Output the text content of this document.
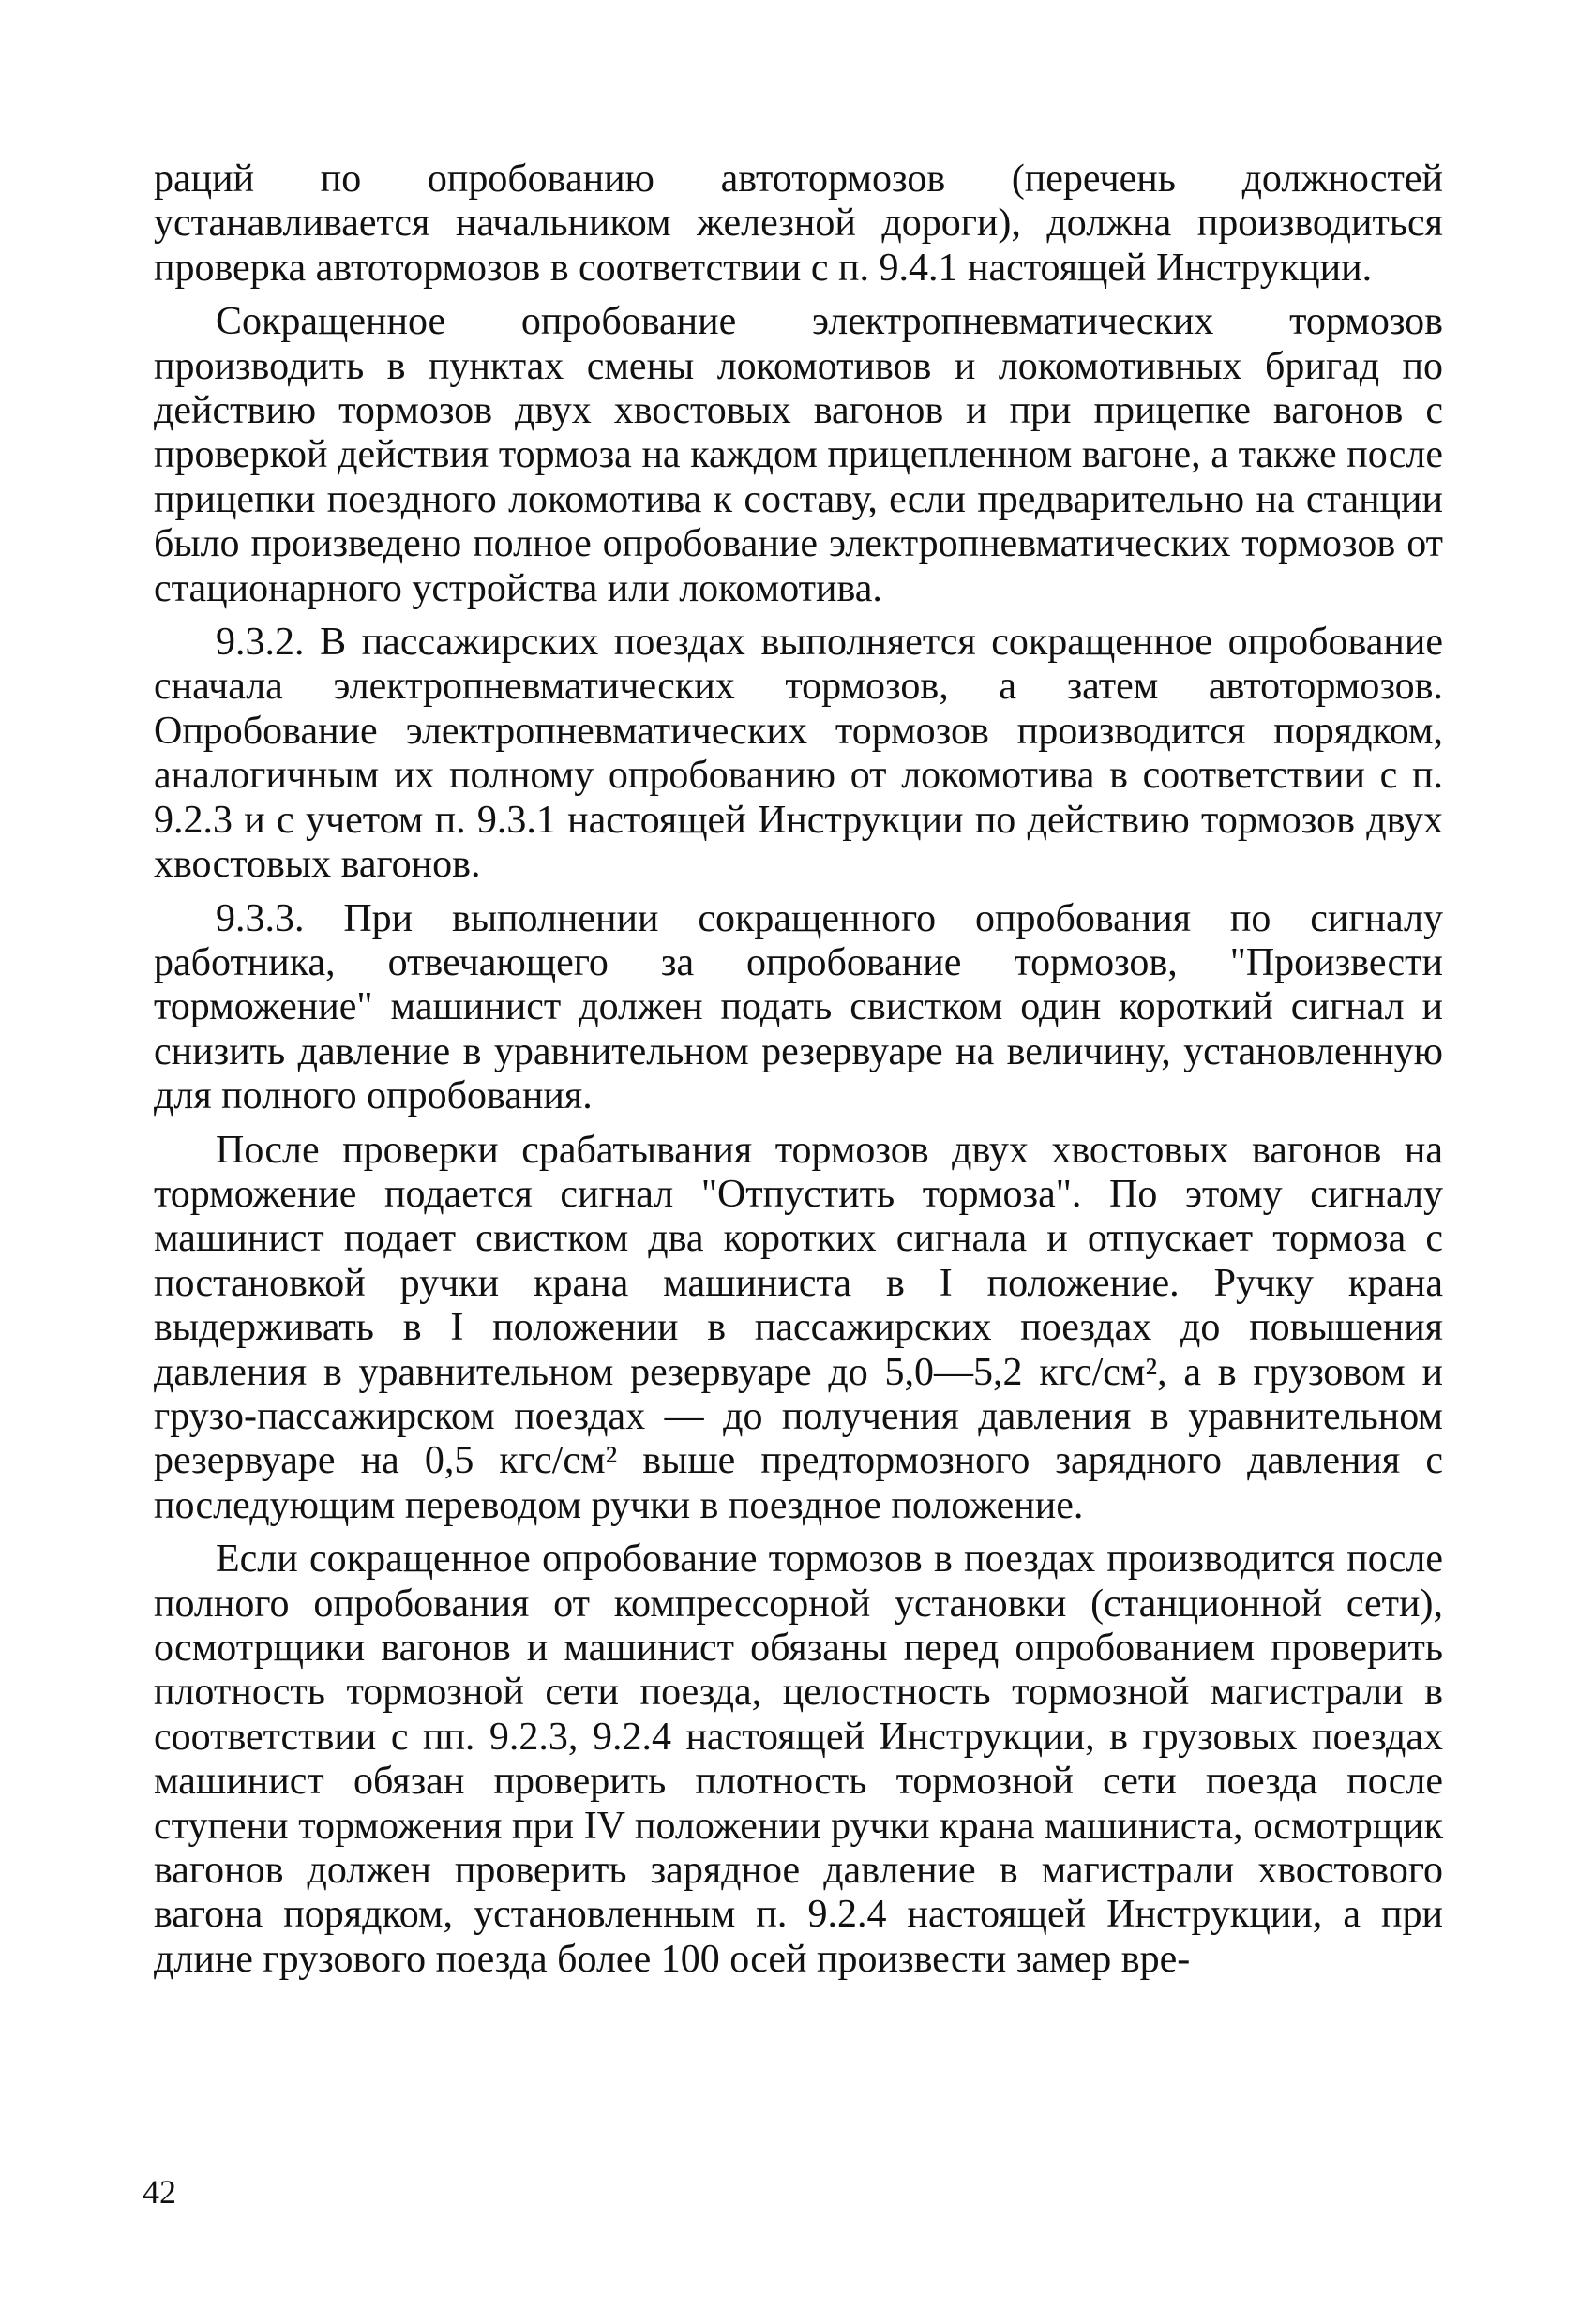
раций по опробованию автотормозов (перечень должностей устанавливается начальником железной дороги), должна производиться проверка автотормозов в соответствии с п. 9.4.1 настоящей Инструкции.

Сокращенное опробование электропневматических тормозов производить в пунктах смены локомотивов и локомотивных бригад по действию тормозов двух хвостовых вагонов и при прицепке вагонов с проверкой действия тормоза на каждом прицепленном вагоне, а также после прицепки поездного локомотива к составу, если предварительно на станции было произведено полное опробование электропневматических тормозов от стационарного устройства или локомотива.

9.3.2. В пассажирских поездах выполняется сокращенное опробование сначала электропневматических тормозов, а затем автотормозов. Опробование электропневматических тормозов производится порядком, аналогичным их полному опробованию от локомотива в соответствии с п. 9.2.3 и с учетом п. 9.3.1 настоящей Инструкции по действию тормозов двух хвостовых вагонов.

9.3.3. При выполнении сокращенного опробования по сигналу работника, отвечающего за опробование тормозов, "Произвести торможение" машинист должен подать свистком один короткий сигнал и снизить давление в уравнительном резервуаре на величину, установленную для полного опробования.

После проверки срабатывания тормозов двух хвостовых вагонов на торможение подается сигнал "Отпустить тормоза". По этому сигналу машинист подает свистком два коротких сигнала и отпускает тормоза с постановкой ручки крана машиниста в I положение. Ручку крана выдерживать в I положении в пассажирских поездах до повышения давления в уравнительном резервуаре до 5,0—5,2 кгс/см², а в грузовом и грузо-пассажирском поездах — до получения давления в уравнительном резервуаре на 0,5 кгс/см² выше предтормозного зарядного давления с последующим переводом ручки в поездное положение.

Если сокращенное опробование тормозов в поездах производится после полного опробования от компрессорной установки (станционной сети), осмотрщики вагонов и машинист обязаны перед опробованием проверить плотность тормозной сети поезда, целостность тормозной магистрали в соответствии с пп. 9.2.3, 9.2.4 настоящей Инструкции, в грузовых поездах машинист обязан проверить плотность тормозной сети поезда после ступени торможения при IV положении ручки крана машиниста, осмотрщик вагонов должен проверить зарядное давление в магистрали хвостового вагона порядком, установленным п. 9.2.4 настоящей Инструкции, а при длине грузового поезда более 100 осей произвести замер вре-

42
